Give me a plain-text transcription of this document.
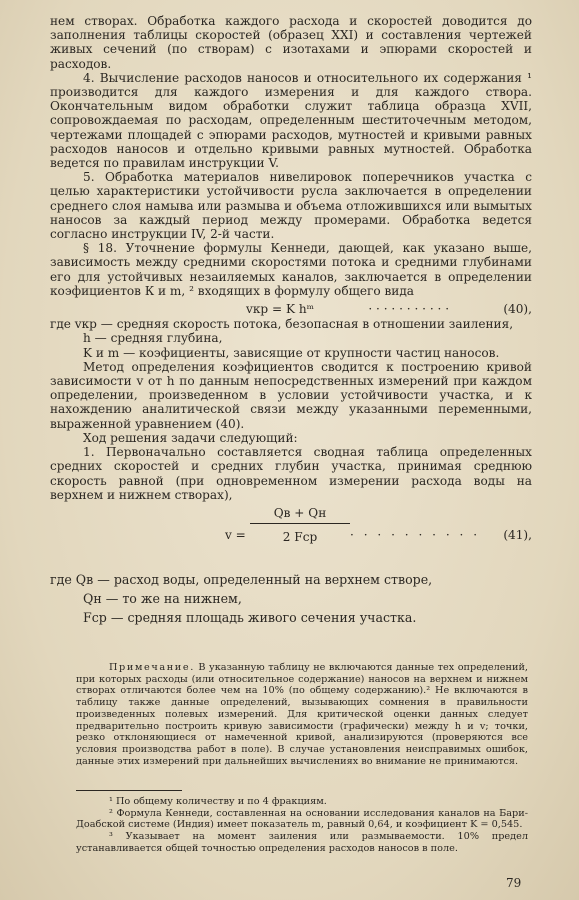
нем створах. Обработка каждого расхода и скоростей доводится до заполнения таблицы скоростей (образец XXI) и составления чертежей живых сечений (по створам) с изотахами и эпюрами скоростей и расходов.

4. Вычисление расходов наносов и относительного их содержания ¹ производится для каждого измерения и для каждого створа. Окончательным видом обработки служит таблица образца XVII, сопровождаемая по расходам, определенным шеститочечным методом, чертежами площадей с эпюрами расходов, мутностей и кривыми равных расходов наносов и отдельно кривыми равных мутностей. Обработка ведется по правилам инструкции V.

5. Обработка материалов нивелировок поперечников участка с целью характеристики устойчивости русла заключается в определении среднего слоя намыва или размыва и объема отложившихся или вымытых наносов за каждый период между промерами. Обработка ведется согласно инструкции IV, 2-й части.

§ 18. Уточнение формулы Кеннеди, дающей, как указано выше, зависимость между средними скоростями потока и средними глубинами его для устойчивых незаиляемых каналов, заключается в определении коэфициентов К и m, ² входящих в формулу общего вида

vкр = K hᵐ	· · · · · · · · · · ·	(40),

где vкр — средняя скорость потока, безопасная в отношении заиления,

h — средняя глубина,

K и m — коэфициенты, зависящие от крупности частиц наносов.

Метод определения коэфициентов сводится к построению кривой зависимости v от h по данным непосредственных измерений при каждом определении, произведенном в условии устойчивости участка, и к нахождению аналитической связи между указанными переменными, выраженной уравнением (40).

Ход решения задачи следующий:

1. Первоначально составляется сводная таблица определенных средних скоростей и средних глубин участка, принимая среднюю скорость равной (при одновременном измерении расхода воды на верхнем и нижнем створах),

v =
Qв + Qн
2 Fср	· · · · · · · · · · (41),

где Qв — расход воды, определенный на верхнем створе,

Qн — то же на нижнем,

Fср — средняя площадь живого сечения участка.

Примечание. В указанную таблицу не включаются данные тех определений, при которых расходы (или относительное содержание) наносов на верхнем и нижнем створах отличаются более чем на 10% (по общему содержанию).² Не включаются в таблицу также данные определений, вызывающих сомнения в правильности произведенных полевых измерений. Для критической оценки данных следует предварительно построить кривую зависимости (графически) между h и v; точки, резко отклоняющиеся от намеченной кривой, анализируются (проверяются все условия производства работ в поле). В случае установления неисправимых ошибок, данные этих измерений при дальнейших вычислениях во внимание не принимаются.

¹ По общему количеству и по 4 фракциям.

² Формула Кеннеди, составленная на основании исследования каналов на Бари-Доабской системе (Индия) имеет показатель m, равный 0,64, и коэфициент K = 0,545.

³ Указывает на момент заиления или размываемости. 10% предел устанавливается общей точностью определения расходов наносов в поле.

79
